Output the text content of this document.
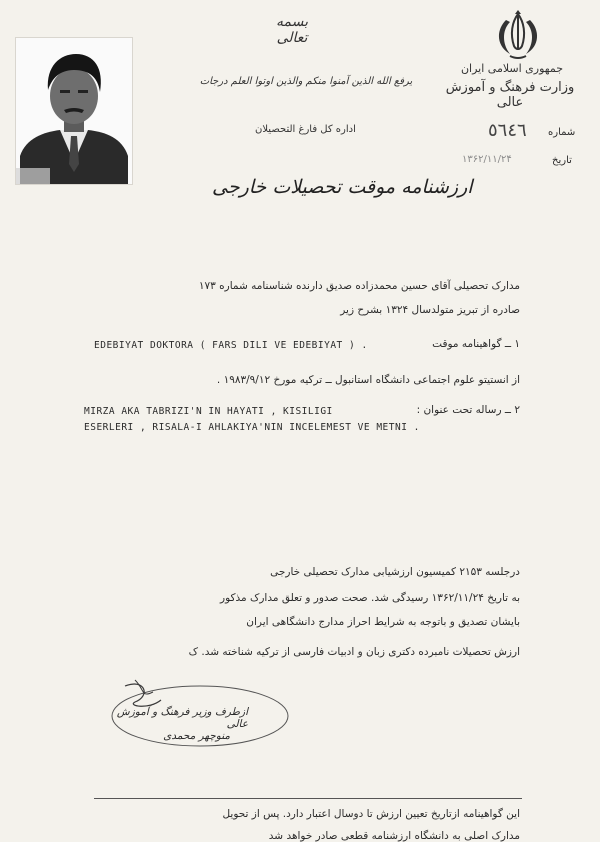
جمهوری اسلامی ایران
وزارت فرهنگ و آموزش عالی
شماره
٥٦٤٦
تاریخ
۱۳۶۲/۱۱/۲۴
بسمه تعالی
يرفع الله الذين آمنوا منكم والذين اوتوا العلم درجات
اداره کل فارغ التحصیلان
ارزشنامه موقت تحصیلات خارجی
مدارک تحصیلی آقای حسین محمدزاده صدیق دارنده شناسنامه شماره ۱۷۳
صادره از تبریز متولدسال ۱۳۲۴ بشرح زیر
۱ ــ گواهینامه موقت
EDEBIYAT DOKTORA ( FARS DILI VE EDEBIYAT ) .
از انستیتو علوم اجتماعی دانشگاه استانبول ــ ترکیه مورخ ۱۹۸۳/۹/۱۲ .
۲ ــ رساله تحت عنوان :
MIRZA AKA TABRIZI'N IN HAYATI , KISILIGI
ESERLERI , RISALA-I AHLAKIYA'NIN INCELEMEST VE METNI .
درجلسه ۲۱۵۳ کمیسیون ارزشیابی مدارک تحصیلی خارجی
به تاریخ ۱۳۶۲/۱۱/۲۴ رسیدگی شد. صحت صدور و تعلق مدارک مذکور
بایشان تصدیق و باتوجه به شرایط احراز مدارج دانشگاهی ایران
ارزش تحصیلات نامبرده دکتری زبان و ادبیات فارسی از ترکیه شناخته شد. ک
ازطرف وزیر فرهنگ و آموزش عالی
منوچهر محمدی
این گواهینامه ازتاریخ تعیین ارزش تا دوسال اعتبار دارد. پس از تحویل
مدارک اصلی به دانشگاه ارزشنامه قطعی صادر خواهد شد
